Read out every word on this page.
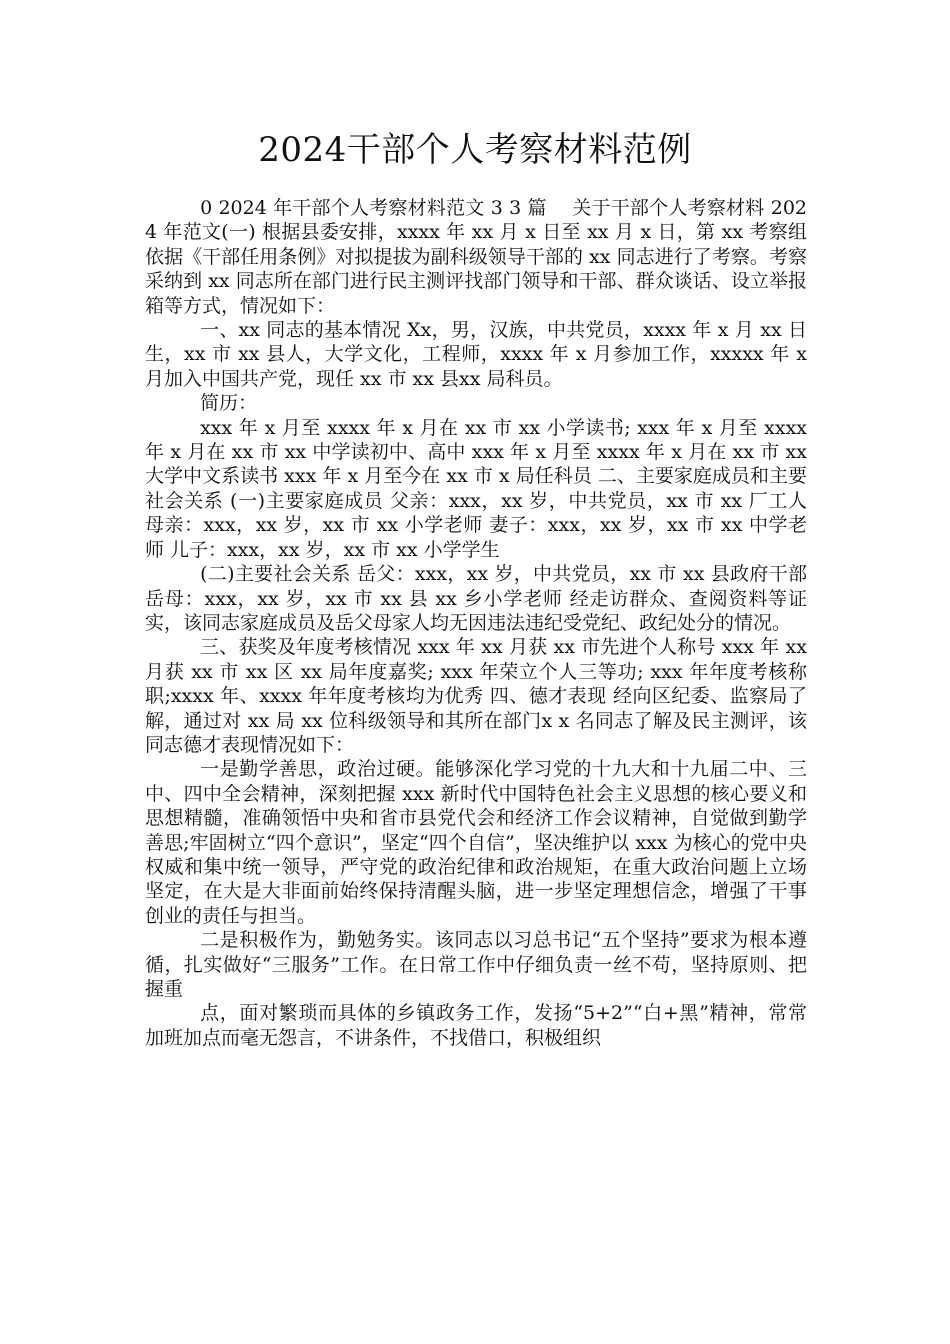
2024干部个人考察材料范例

0 2024 年干部个人考察材料范文 3 3 篇　 关于干部个人考察材料 2024 年范文(一) 根据县委安排，xxxx 年 xx 月 x 日至 xx 月 x 日，第 xx 考察组依据《干部任用条例》对拟提拔为副科级领导干部的 xx 同志进行了考察。考察采纳到 xx 同志所在部门进行民主测评找部门领导和干部、群众谈话、设立举报箱等方式，情况如下：

一、xx 同志的基本情况 Xx，男，汉族，中共党员，xxxx 年 x 月 xx 日生，xx 市 xx 县人，大学文化，工程师，xxxx 年 x 月参加工作，xxxxx 年 x 月加入中国共产党，现任 xx 市 xx 县xx 局科员。

简历：

xxx 年 x 月至 xxxx 年 x 月在 xx 市 xx 小学读书; xxx 年 x 月至 xxxx 年 x 月在 xx 市 xx 中学读初中、高中 xxx 年 x 月至 xxxx 年 x 月在 xx 市 xx 大学中文系读书 xxx 年 x 月至今在 xx 市 x 局任科员 二、主要家庭成员和主要社会关系 (一)主要家庭成员 父亲：xxx，xx 岁，中共党员，xx 市 xx 厂工人 母亲：xxx，xx 岁，xx 市 xx 小学老师 妻子：xxx，xx 岁，xx 市 xx 中学老师 儿子：xxx，xx 岁，xx 市 xx 小学学生

(二)主要社会关系 岳父：xxx，xx 岁，中共党员，xx 市 xx 县政府干部 岳母：xxx，xx 岁，xx 市 xx 县 xx 乡小学老师 经走访群众、查阅资料等证实，该同志家庭成员及岳父母家人均无因违法违纪受党纪、政纪处分的情况。

三、获奖及年度考核情况 xxx 年 xx 月获 xx 市先进个人称号 xxx 年 xx 月获 xx 市 xx 区 xx 局年度嘉奖; xxx 年荣立个人三等功; xxx 年年度考核称职;xxxx 年、xxxx 年年度考核均为优秀 四、德才表现 经向区纪委、监察局了解，通过对 xx 局 xx 位科级领导和其所在部门x x 名同志了解及民主测评，该同志德才表现情况如下：

一是勤学善思，政治过硬。能够深化学习党的十九大和十九届二中、三中、四中全会精神，深刻把握 xxx 新时代中国特色社会主义思想的核心要义和思想精髓，准确领悟中央和省市县党代会和经济工作会议精神，自觉做到勤学善思;牢固树立“四个意识”，坚定“四个自信”，坚决维护以 xxx 为核心的党中央权威和集中统一领导，严守党的政治纪律和政治规矩，在重大政治问题上立场坚定，在大是大非面前始终保持清醒头脑，进一步坚定理想信念，增强了干事创业的责任与担当。

二是积极作为，勤勉务实。该同志以习总书记“五个坚持”要求为根本遵循，扎实做好“三服务”工作。在日常工作中仔细负责一丝不苟，坚持原则、把握重

点，面对繁琐而具体的乡镇政务工作，发扬“5+2”“白+黑”精神，常常加班加点而毫无怨言，不讲条件，不找借口，积极组织
